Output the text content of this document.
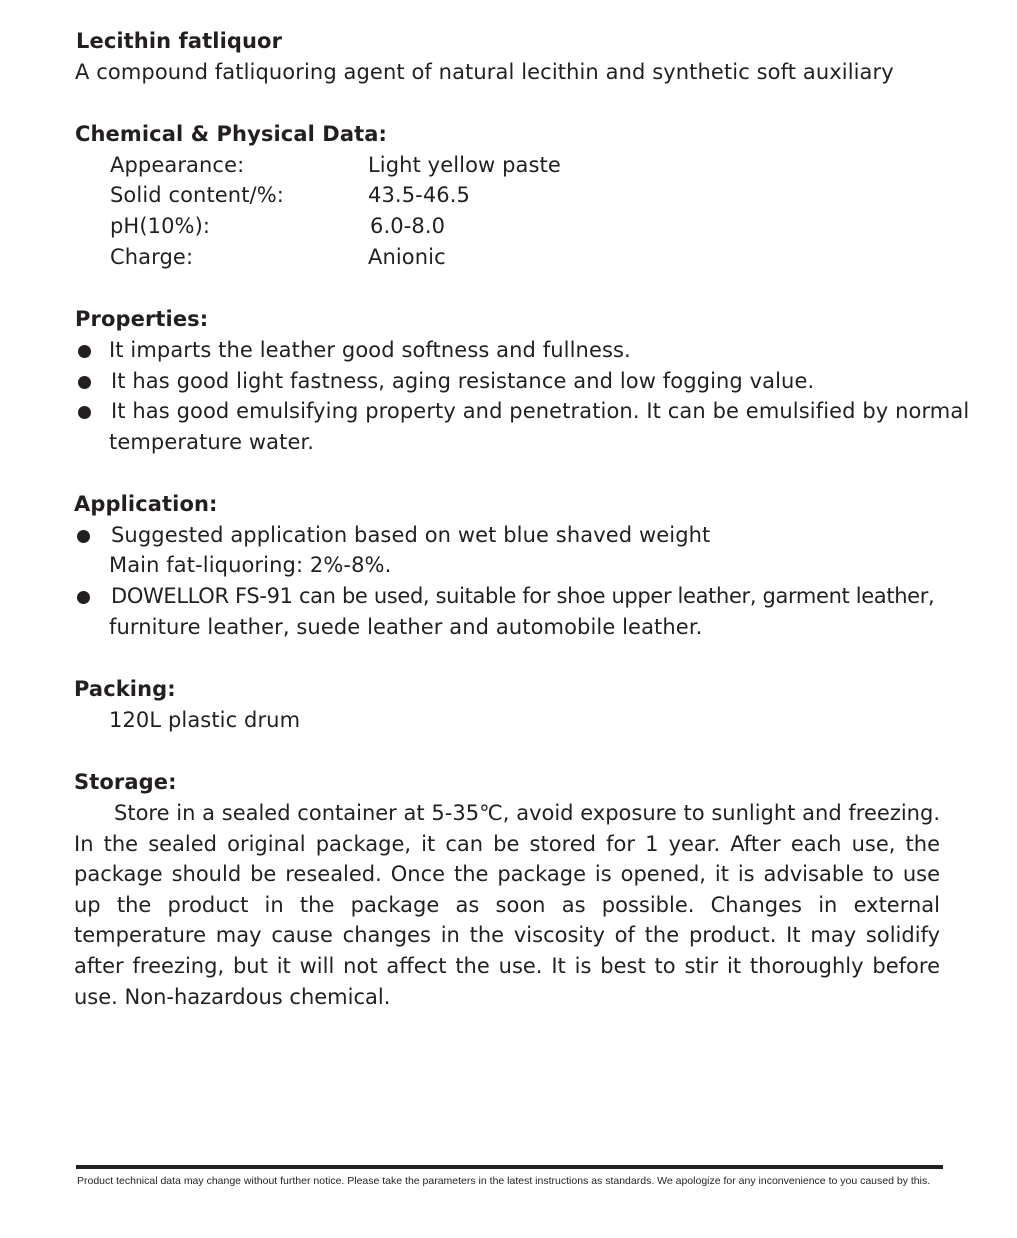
Lecithin fatliquor
A compound fatliquoring agent of natural lecithin and synthetic soft auxiliary
Chemical & Physical Data:
Appearance:	Light yellow paste
Solid content/%:	43.5-46.5
pH(10%):	6.0-8.0
Charge:	Anionic
Properties:
It imparts the leather good softness and fullness.
It has good light fastness, aging resistance and low fogging value.
It has good emulsifying property and penetration. It can be emulsified by normal
temperature water.
Application:
Suggested application based on wet blue shaved weight
Main fat-liquoring: 2%-8%.
DOWELLOR FS-91 can be used, suitable for shoe upper leather, garment leather,
furniture leather, suede leather and automobile leather.
Packing:
120L plastic drum
Storage:
Store in a sealed container at 5-35℃, avoid exposure to sunlight and freezing. In the sealed original package, it can be stored for 1 year. After each use, the package should be resealed. Once the package is opened, it is advisable to use up the product in the package as soon as possible. Changes in external temperature may cause changes in the viscosity of the product. It may solidify after freezing, but it will not affect the use. It is best to stir it thoroughly before use. Non-hazardous chemical.
Product technical data may change without further notice. Please take the parameters in the latest instructions as standards. We apologize for any inconvenience to you caused by this.
